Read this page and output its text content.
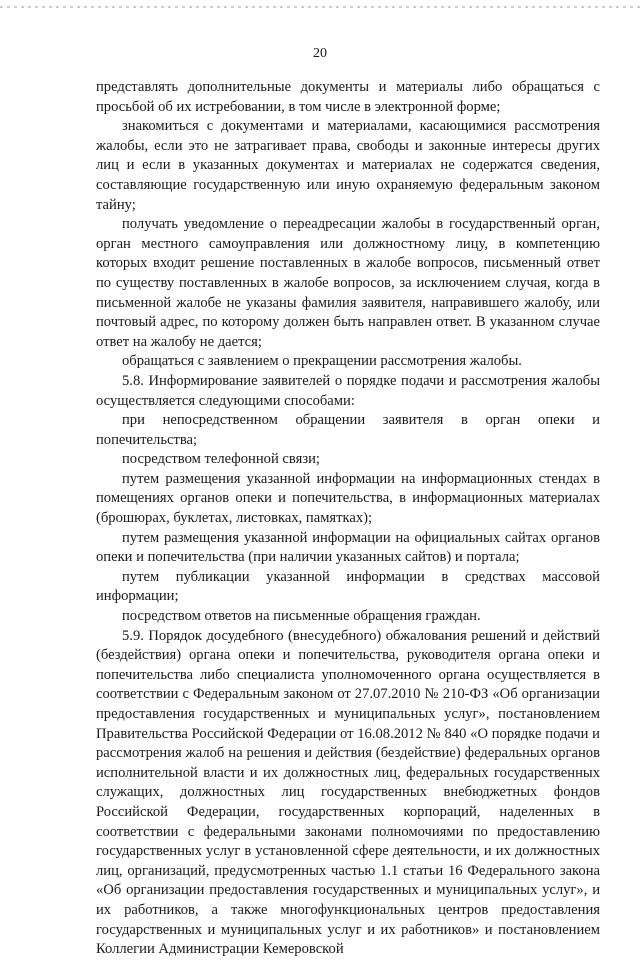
20

представлять дополнительные документы и материалы либо обращаться с просьбой об их истребовании, в том числе в электронной форме;

знакомиться с документами и материалами, касающимися рассмотрения жалобы, если это не затрагивает права, свободы и законные интересы других лиц и если в указанных документах и материалах не содержатся сведения, составляющие государственную или иную охраняемую федеральным законом тайну;

получать уведомление о переадресации жалобы в государственный орган, орган местного самоуправления или должностному лицу, в компетенцию которых входит решение поставленных в жалобе вопросов, письменный ответ по существу поставленных в жалобе вопросов, за исключением случая, когда в письменной жалобе не указаны фамилия заявителя, направившего жалобу, или почтовый адрес, по которому должен быть направлен ответ. В указанном случае ответ на жалобу не дается;

обращаться с заявлением о прекращении рассмотрения жалобы.

5.8. Информирование заявителей о порядке подачи и рассмотрения жалобы осуществляется следующими способами:

при непосредственном обращении заявителя в орган опеки и попечительства;

посредством телефонной связи;

путем размещения указанной информации на информационных стендах в помещениях органов опеки и попечительства, в информационных материалах (брошюрах, буклетах, листовках, памятках);

путем размещения указанной информации на официальных сайтах органов опеки и попечительства (при наличии указанных сайтов) и портала;

путем публикации указанной информации в средствах массовой информации;

посредством ответов на письменные обращения граждан.

5.9. Порядок досудебного (внесудебного) обжалования решений и действий (бездействия) органа опеки и попечительства, руководителя органа опеки и попечительства либо специалиста уполномоченного органа осуществляется в соответствии с Федеральным законом от 27.07.2010 № 210-ФЗ «Об организации предоставления государственных и муниципальных услуг», постановлением Правительства Российской Федерации от 16.08.2012 № 840 «О порядке подачи и рассмотрения жалоб на решения и действия (бездействие) федеральных органов исполнительной власти и их должностных лиц, федеральных государственных служащих, должностных лиц государственных внебюджетных фондов Российской Федерации, государственных корпораций, наделенных в соответствии с федеральными законами полномочиями по предоставлению государственных услуг в установленной сфере деятельности, и их должностных лиц, организаций, предусмотренных частью 1.1 статьи 16 Федерального закона «Об организации предоставления государственных и муниципальных услуг», и их работников, а также многофункциональных центров предоставления государственных и муниципальных услуг и их работников» и постановлением Коллегии Администрации Кемеровской
